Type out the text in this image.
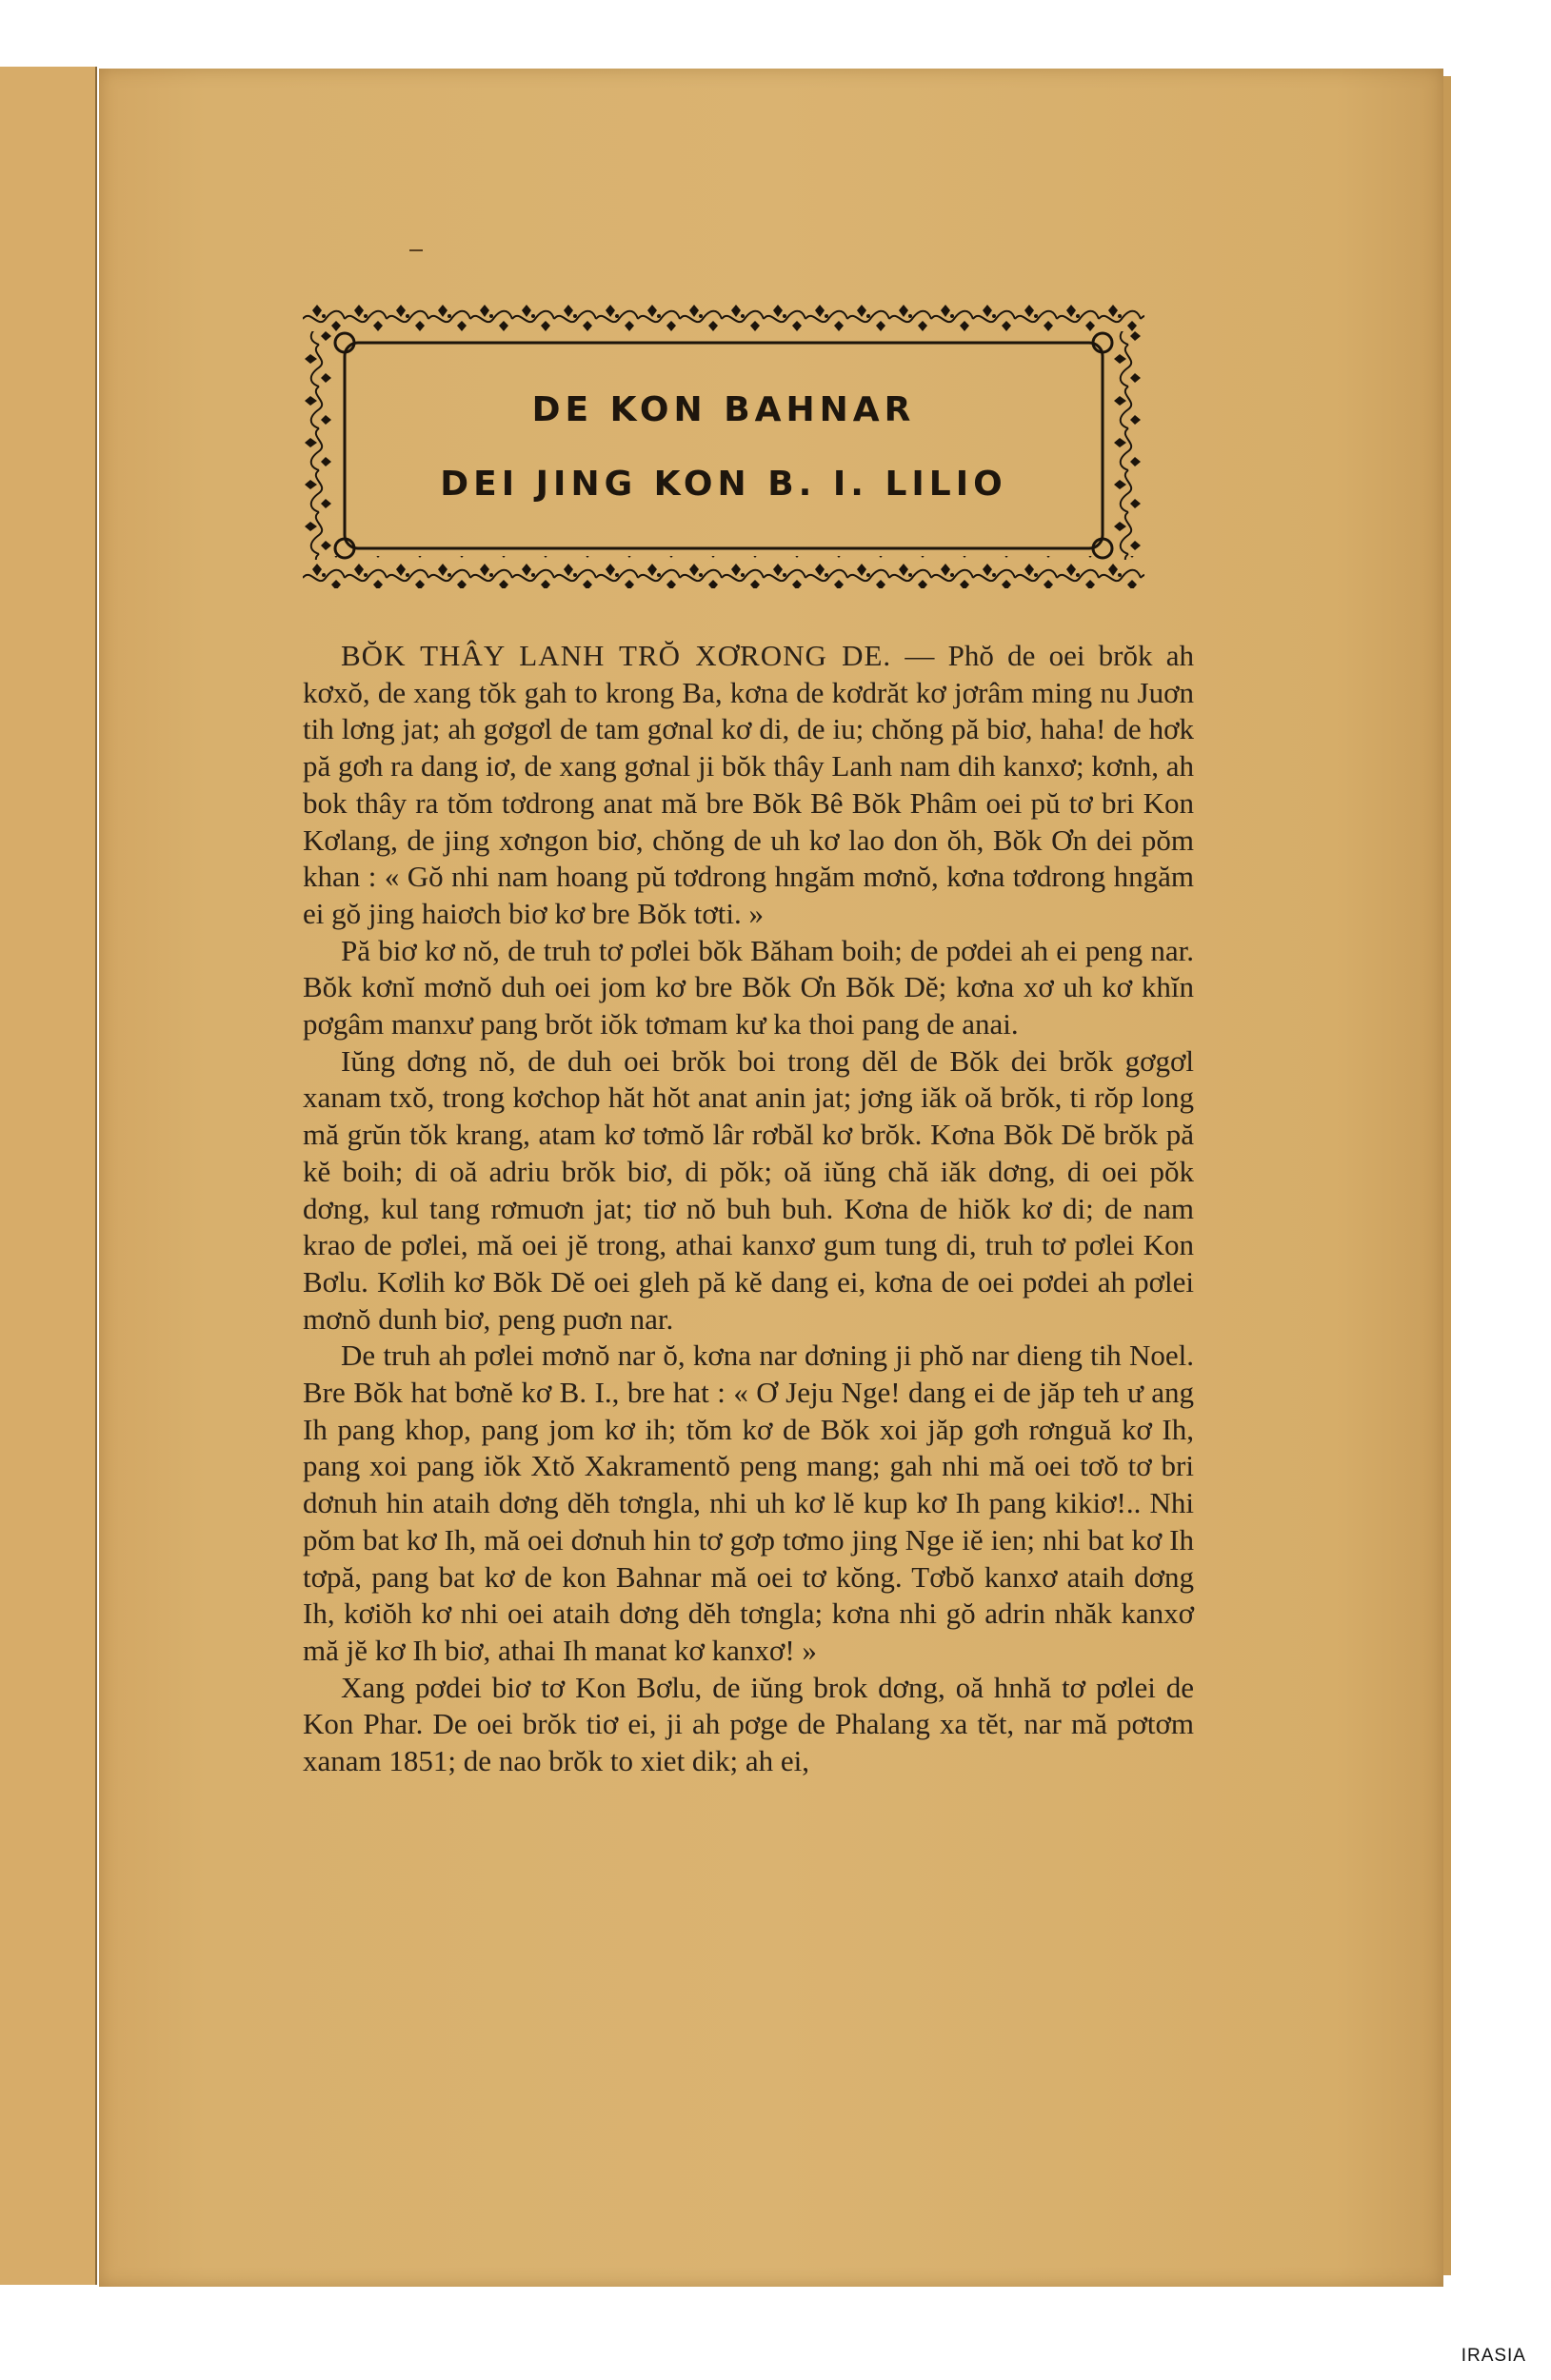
DE KON BAHNAR
DEI JING KON B. I. LILIO

BŎK THÂY LANH TRŎ XƠRONG DE. — Phŏ de oei brŏk ah kơxŏ, de xang tŏk gah to krong Ba, kơna de kơdrăt kơ jơrâm ming nu Juơn tih lơng jat; ah gơgơl de tam gơnal kơ di, de iu; chŏng pă biơ, haha! de hơk pă gơh ra dang iơ, de xang gơnal ji bŏk thây Lanh nam dih kanxơ; kơnh, ah bok thây ra tŏm tơdrong anat mă bre Bŏk Bê Bŏk Phâm oei pŭ tơ bri Kon Kơlang, de jing xơngon biơ, chŏng de uh kơ lao don ŏh, Bŏk Ơn dei pŏm khan : « Gŏ nhi nam hoang pŭ tơdrong hngăm mơnŏ, kơna tơdrong hngăm ei gŏ jing haiơch biơ kơ bre Bŏk tơti. »

Pă biơ kơ nŏ, de truh tơ pơlei bŏk Băham boih; de pơdei ah ei peng nar. Bŏk kơnĭ mơnŏ duh oei jom kơ bre Bŏk Ơn Bŏk Dĕ; kơna xơ uh kơ khĭn pơgâm manxư pang brŏt iŏk tơmam kư ka thoi pang de anai.

Iŭng dơng nŏ, de duh oei brŏk boi trong dĕl de Bŏk dei brŏk gơgơl xanam txŏ, trong kơchop hăt hŏt anat anin jat; jơng iăk oă brŏk, ti rŏp long mă grŭn tŏk krang, atam kơ tơmŏ lâr rơbăl kơ brŏk. Kơna Bŏk Dĕ brŏk pă kĕ boih; di oă adriu brŏk biơ, di pŏk; oă iŭng chă iăk dơng, di oei pŏk dơng, kul tang rơmuơn jat; tiơ nŏ buh buh. Kơna de hiŏk kơ di; de nam krao de pơlei, mă oei jĕ trong, athai kanxơ gum tung di, truh tơ pơlei Kon Bơlu. Kơlih kơ Bŏk Dĕ oei gleh pă kĕ dang ei, kơna de oei pơdei ah pơlei mơnŏ dunh biơ, peng puơn nar.

De truh ah pơlei mơnŏ nar ŏ, kơna nar dơning ji phŏ nar dieng tih Noel. Bre Bŏk hat bơnĕ kơ B. I., bre hat : « Ơ Jeju Nge! dang ei de jăp teh ư ang Ih pang khop, pang jom kơ ih; tŏm kơ de Bŏk xoi jăp gơh rơnguă kơ Ih, pang xoi pang iŏk Xtŏ Xakramentŏ peng mang; gah nhi mă oei tơŏ tơ bri dơnuh hin ataih dơng dĕh tơngla, nhi uh kơ lĕ kup kơ Ih pang kikiơ!.. Nhi pŏm bat kơ Ih, mă oei dơnuh hin tơ gơp tơmo jing Nge iĕ ien; nhi bat kơ Ih tơpă, pang bat kơ de kon Bahnar mă oei tơ kŏng. Tơbŏ kanxơ ataih dơng Ih, kơiŏh kơ nhi oei ataih dơng dĕh tơngla; kơna nhi gŏ adrin nhăk kanxơ mă jĕ kơ Ih biơ, athai Ih manat kơ kanxơ! »

Xang pơdei biơ tơ Kon Bơlu, de iŭng brok dơng, oă hnhă tơ pơlei de Kon Phar. De oei brŏk tiơ ei, ji ah pơge de Phalang xa tĕt, nar mă pơtơm xanam 1851; de nao brŏk to xiet dik; ah ei,

IRASIA
